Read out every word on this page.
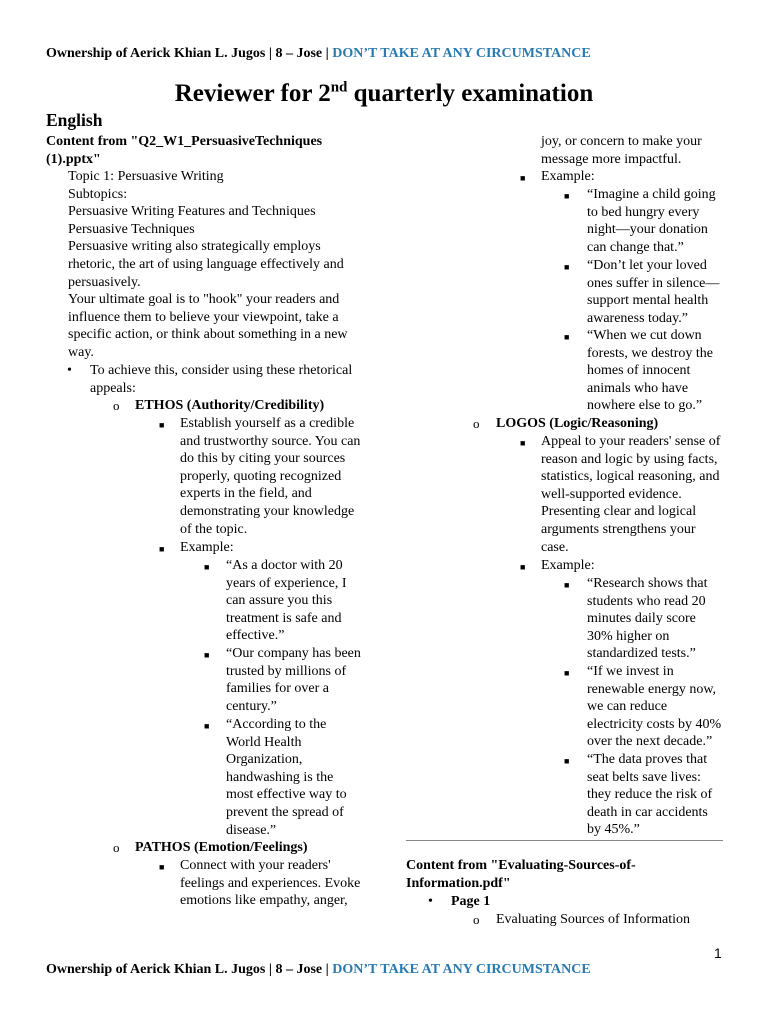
Ownership of Aerick Khian L. Jugos | 8 – Jose | DON’T TAKE AT ANY CIRCUMSTANCE
Reviewer for 2nd quarterly examination
English
Content from "Q2_W1_PersuasiveTechniques
(1).pptx"
Topic 1: Persuasive Writing
Subtopics:
Persuasive Writing Features and Techniques
Persuasive Techniques
Persuasive writing also strategically employs
rhetoric, the art of using language effectively and
persuasively.
Your ultimate goal is to "hook" your readers and
influence them to believe your viewpoint, take a
specific action, or think about something in a new
way.
• To achieve this, consider using these rhetorical
appeals:
o ETHOS (Authority/Credibility)
■ Establish yourself as a credible
and trustworthy source. You can
do this by citing your sources
properly, quoting recognized
experts in the field, and
demonstrating your knowledge
of the topic.
■ Example:
■ “As a doctor with 20
years of experience, I
can assure you this
treatment is safe and
effective.”
■ “Our company has been
trusted by millions of
families for over a
century.”
■ “According to the
World Health
Organization,
handwashing is the
most effective way to
prevent the spread of
disease.”
o PATHOS (Emotion/Feelings)
■ Connect with your readers'
feelings and experiences. Evoke
emotions like empathy, anger,
joy, or concern to make your
message more impactful.
■ Example:
■ “Imagine a child going
to bed hungry every
night—your donation
can change that.”
■ “Don’t let your loved
ones suffer in silence—
support mental health
awareness today.”
■ “When we cut down
forests, we destroy the
homes of innocent
animals who have
nowhere else to go.”
o LOGOS (Logic/Reasoning)
■ Appeal to your readers' sense of
reason and logic by using facts,
statistics, logical reasoning, and
well-supported evidence.
Presenting clear and logical
arguments strengthens your
case.
■ Example:
■ “Research shows that
students who read 20
minutes daily score
30% higher on
standardized tests.”
■ “If we invest in
renewable energy now,
we can reduce
electricity costs by 40%
over the next decade.”
■ “The data proves that
seat belts save lives:
they reduce the risk of
death in car accidents
by 45%.”
Content from "Evaluating-Sources-of-
Information.pdf"
• Page 1
o Evaluating Sources of Information
1
Ownership of Aerick Khian L. Jugos | 8 – Jose | DON’T TAKE AT ANY CIRCUMSTANCE
